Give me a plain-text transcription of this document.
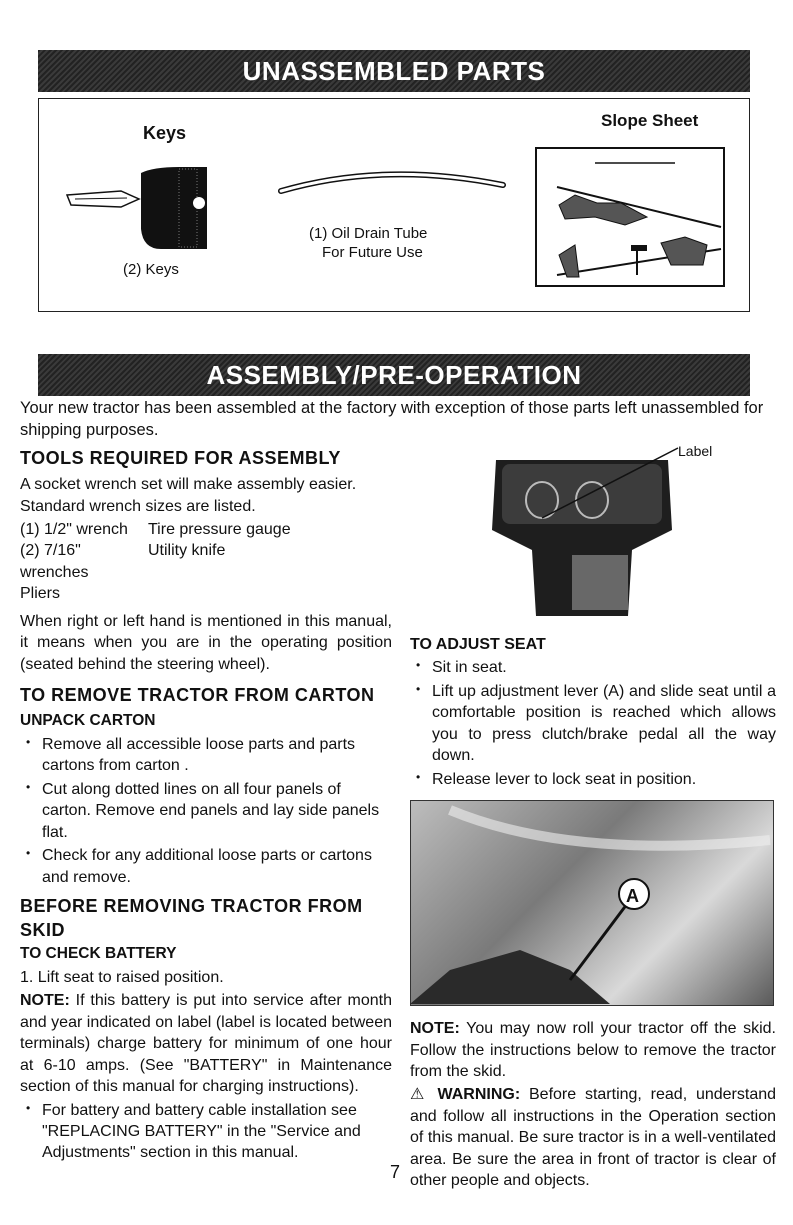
UNASSEMBLED PARTS
Keys
(2) Keys
(1) Oil Drain Tube
For Future Use
Slope Sheet
ASSEMBLY/PRE-OPERATION
Your new tractor has been assembled at the factory with exception of those parts left unassembled for shipping purposes.
TOOLS REQUIRED FOR ASSEMBLY

A socket wrench set will make assembly easier. Standard wrench sizes are listed.

(1) 1/2" wrench	Tire pressure gauge
(2) 7/16" wrenches
Utility knife
Pliers

When right or left hand is mentioned in this manual, it means when you are in the operating position (seated behind the steering wheel).

TO REMOVE TRACTOR FROM CARTON
UNPACK CARTON
• Remove all accessible loose parts and parts cartons from carton .
• Cut along dotted lines on all four panels of carton. Remove end panels and lay side panels flat.
• Check for any additional loose parts or cartons and remove.
BEFORE REMOVING TRACTOR FROM SKID
TO CHECK BATTERY

1. Lift seat to raised position.

NOTE: If this battery is put into service after month and year indicated on label (label is located between terminals) charge battery for minimum of one hour at 6-10 amps. (See "BATTERY" in Maintenance section of this manual for charging instructions).

• For battery and battery cable installation see "REPLACING BATTERY" in the "Service and Adjustments" section in this manual.
Label
TO ADJUST SEAT
• Sit in seat.
• Lift up adjustment lever (A) and slide seat until a comfortable position is reached which allows you to press clutch/brake pedal all the way down.
• Release lever to lock seat in position.
A

NOTE: You may now roll your tractor off the skid. Follow the instructions below to remove the tractor from the skid.

⚠ WARNING: Before starting, read, understand and follow all instructions in the Operation section of this manual. Be sure tractor is in a well-ventilated area. Be sure the area in front of tractor is clear of other people and objects.

7
